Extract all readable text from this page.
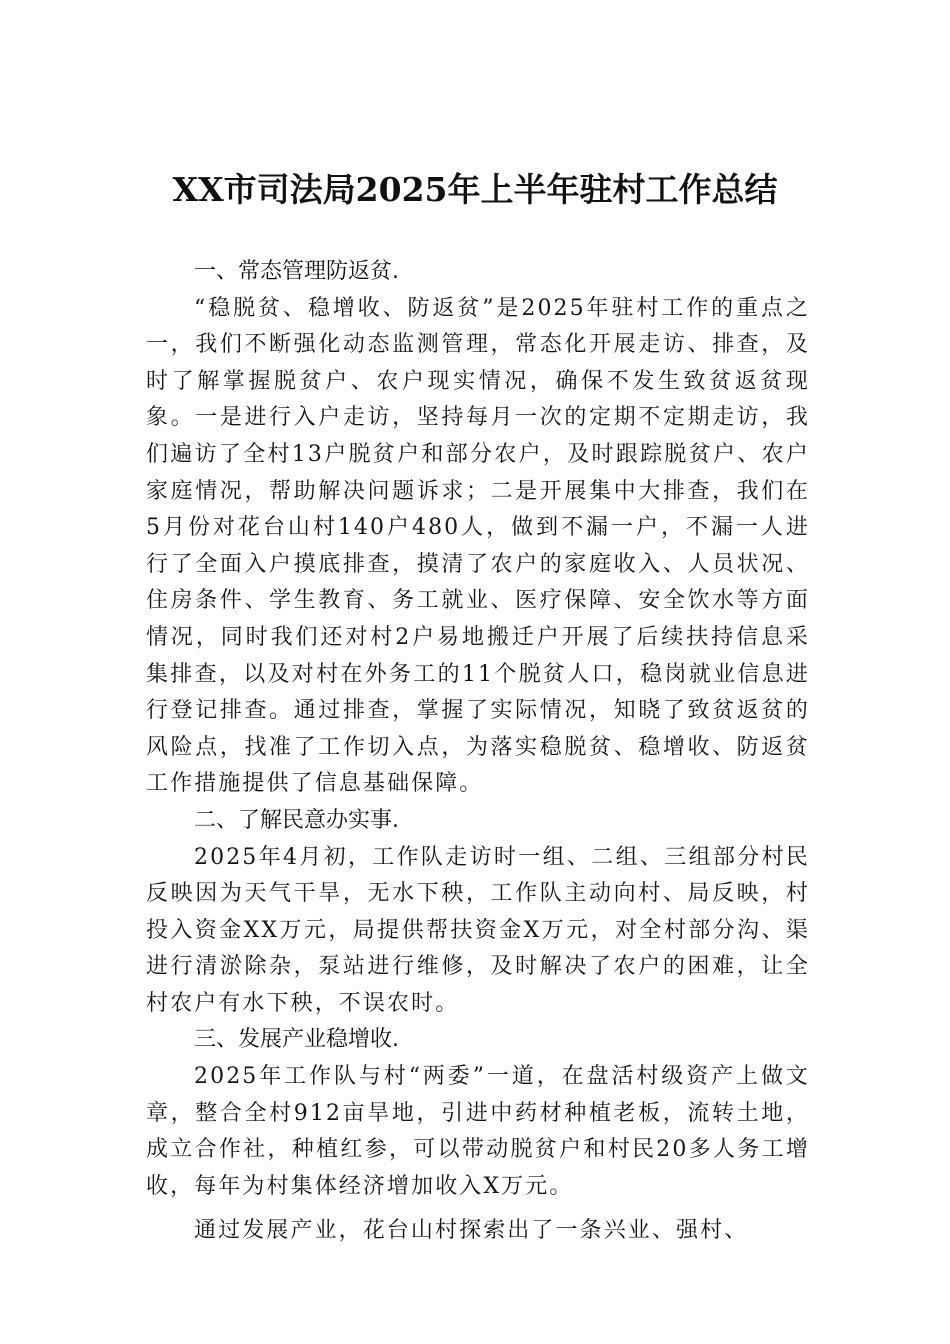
XX市司法局2025年上半年驻村工作总结
一、常态管理防返贫.

“稳脱贫、稳增收、防返贫”是2025年驻村工作的重点之一，我们不断强化动态监测管理，常态化开展走访、排查，及时了解掌握脱贫户、农户现实情况，确保不发生致贫返贫现象。一是进行入户走访，坚持每月一次的定期不定期走访，我们遍访了全村13户脱贫户和部分农户，及时跟踪脱贫户、农户家庭情况，帮助解决问题诉求；二是开展集中大排查，我们在5月份对花台山村140户480人，做到不漏一户，不漏一人进行了全面入户摸底排查，摸清了农户的家庭收入、人员状况、住房条件、学生教育、务工就业、医疗保障、安全饮水等方面情况，同时我们还对村2户易地搬迁户开展了后续扶持信息采集排查，以及对村在外务工的11个脱贫人口，稳岗就业信息进行登记排查。通过排查，掌握了实际情况，知晓了致贫返贫的风险点，找准了工作切入点，为落实稳脱贫、稳增收、防返贫工作措施提供了信息基础保障。

二、了解民意办实事.

2025年4月初，工作队走访时一组、二组、三组部分村民反映因为天气干旱，无水下秧，工作队主动向村、局反映，村投入资金XX万元，局提供帮扶资金X万元，对全村部分沟、渠进行清淤除杂，泵站进行维修，及时解决了农户的困难，让全村农户有水下秧，不误农时。

三、发展产业稳增收.

2025年工作队与村“两委”一道，在盘活村级资产上做文章，整合全村912亩旱地，引进中药材种植老板，流转土地，成立合作社，种植红参，可以带动脱贫户和村民20多人务工增收，每年为村集体经济增加收入X万元。

通过发展产业，花台山村探索出了一条兴业、强村、
